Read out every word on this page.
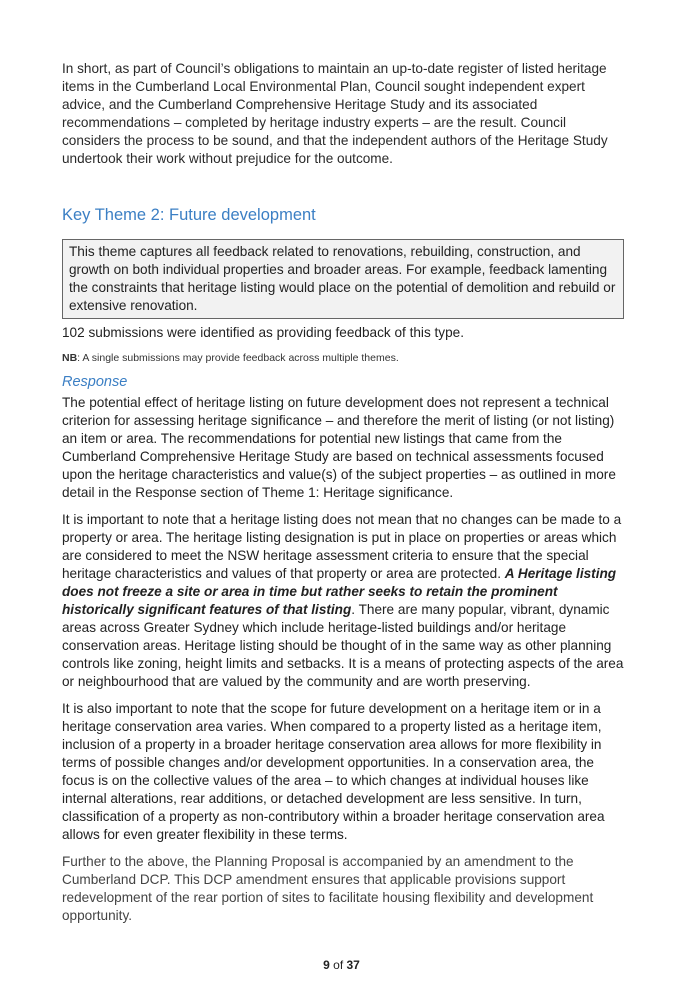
In short, as part of Council’s obligations to maintain an up-to-date register of listed heritage items in the Cumberland Local Environmental Plan, Council sought independent expert advice, and the Cumberland Comprehensive Heritage Study and its associated recommendations – completed by heritage industry experts – are the result. Council considers the process to be sound, and that the independent authors of the Heritage Study undertook their work without prejudice for the outcome.

Key Theme 2: Future development

This theme captures all feedback related to renovations, rebuilding, construction, and growth on both individual properties and broader areas. For example, feedback lamenting the constraints that heritage listing would place on the potential of demolition and rebuild or extensive renovation.

102 submissions were identified as providing feedback of this type.

NB: A single submissions may provide feedback across multiple themes.

Response

The potential effect of heritage listing on future development does not represent a technical criterion for assessing heritage significance – and therefore the merit of listing (or not listing) an item or area. The recommendations for potential new listings that came from the Cumberland Comprehensive Heritage Study are based on technical assessments focused upon the heritage characteristics and value(s) of the subject properties – as outlined in more detail in the Response section of Theme 1: Heritage significance.

It is important to note that a heritage listing does not mean that no changes can be made to a property or area. The heritage listing designation is put in place on properties or areas which are considered to meet the NSW heritage assessment criteria to ensure that the special heritage characteristics and values of that property or area are protected. A Heritage listing does not freeze a site or area in time but rather seeks to retain the prominent historically significant features of that listing. There are many popular, vibrant, dynamic areas across Greater Sydney which include heritage-listed buildings and/or heritage conservation areas. Heritage listing should be thought of in the same way as other planning controls like zoning, height limits and setbacks. It is a means of protecting aspects of the area or neighbourhood that are valued by the community and are worth preserving.

It is also important to note that the scope for future development on a heritage item or in a heritage conservation area varies. When compared to a property listed as a heritage item, inclusion of a property in a broader heritage conservation area allows for more flexibility in terms of possible changes and/or development opportunities. In a conservation area, the focus is on the collective values of the area – to which changes at individual houses like internal alterations, rear additions, or detached development are less sensitive. In turn, classification of a property as non-contributory within a broader heritage conservation area allows for even greater flexibility in these terms.

Further to the above, the Planning Proposal is accompanied by an amendment to the Cumberland DCP. This DCP amendment ensures that applicable provisions support redevelopment of the rear portion of sites to facilitate housing flexibility and development opportunity.

9 of 37
